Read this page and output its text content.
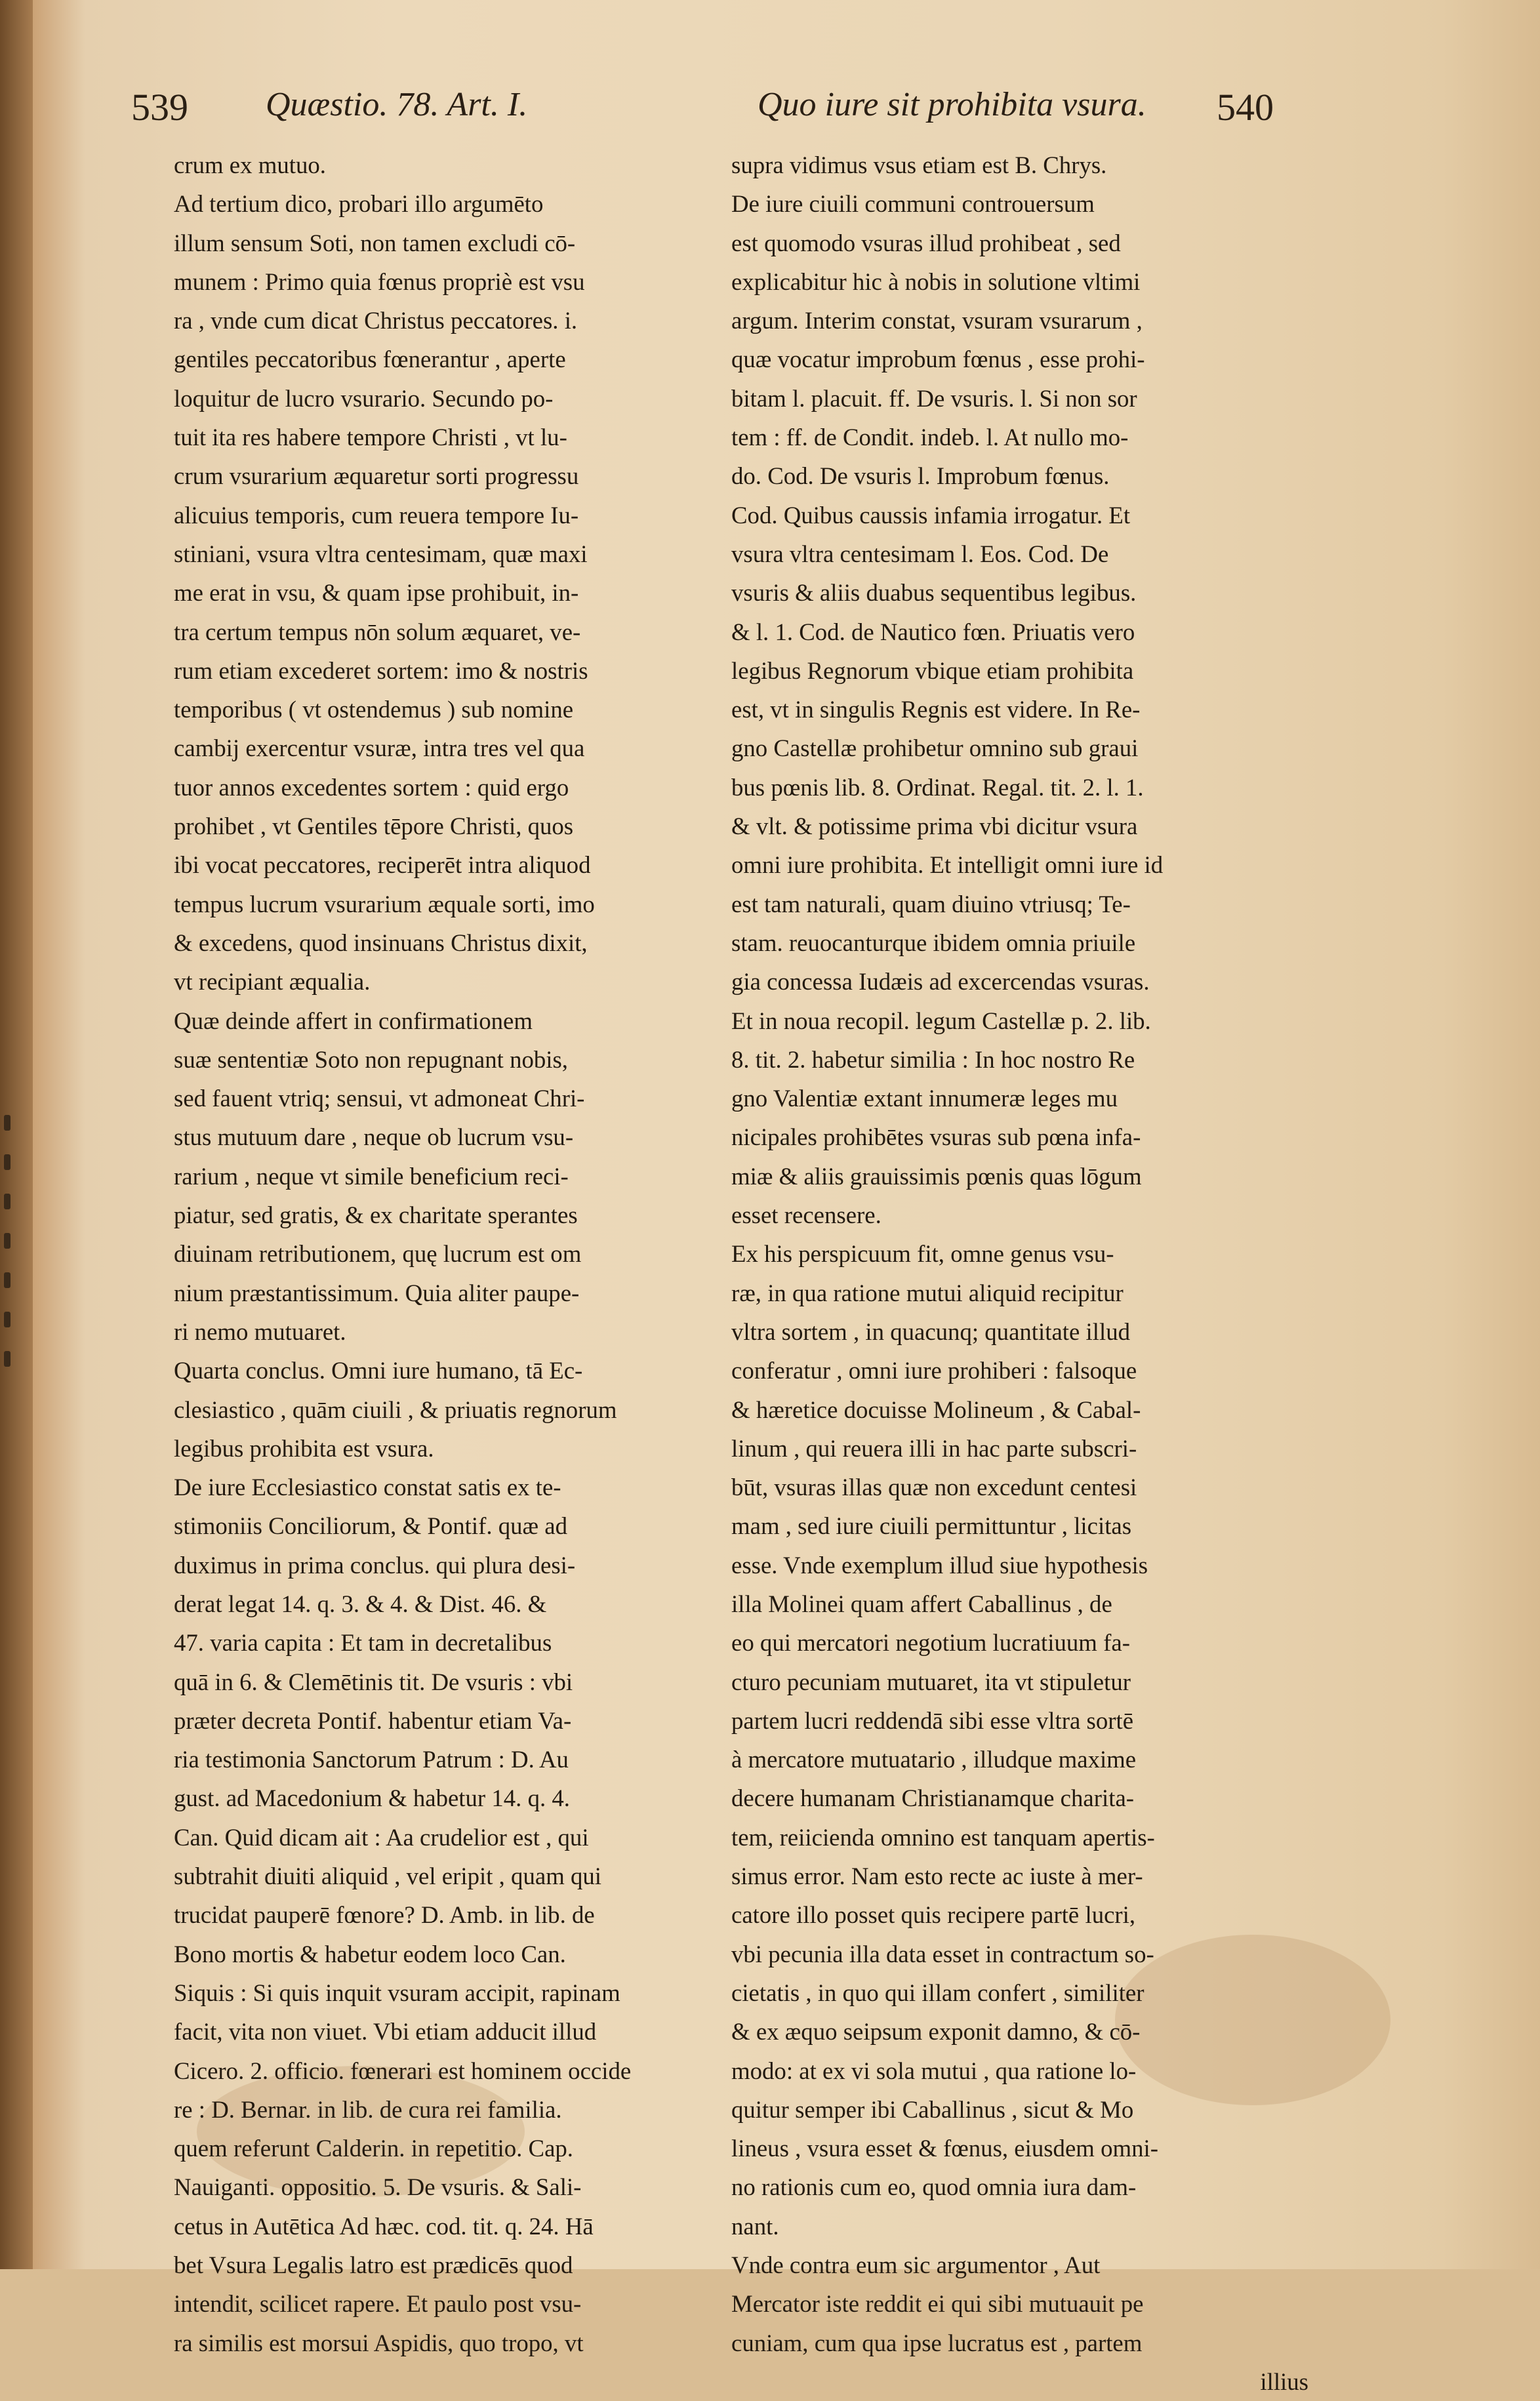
539 Quæstio. 78. Art. I.	Quo iure sit prohibita vsura. 540
crum ex mutuo.
Ad tertium dico, probari illo argumēto
illum sensum Soti, non tamen excludi cō-
munem : Primo quia fœnus propriè est vsu
ra , vnde cum dicat Christus peccatores. i.
gentiles peccatoribus fœnerantur , aperte
loquitur de lucro vsurario. Secundo po-
tuit ita res habere tempore Christi , vt lu-
crum vsurarium æquaretur sorti progressu
alicuius temporis, cum reuera tempore Iu-
stiniani, vsura vltra centesimam, quæ maxi
me erat in vsu, & quam ipse prohibuit, in-
tra certum tempus nōn solum æquaret, ve-
rum etiam excederet sortem: imo & nostris
temporibus ( vt ostendemus ) sub nomine
cambij exercentur vsuræ, intra tres vel qua
tuor annos excedentes sortem : quid ergo
prohibet , vt Gentiles tēpore Christi, quos
ibi vocat peccatores, reciperēt intra aliquod
tempus lucrum vsurarium æquale sorti, imo
& excedens, quod insinuans Christus dixit,
vt recipiant æqualia.
Quæ deinde affert in confirmationem
suæ sententiæ Soto non repugnant nobis,
sed fauent vtriq; sensui, vt admoneat Chri-
stus mutuum dare , neque ob lucrum vsu-
rarium , neque vt simile beneficium reci-
piatur, sed gratis, & ex charitate sperantes
diuinam retributionem, quę lucrum est om
nium præstantissimum. Quia aliter paupe-
ri nemo mutuaret.
Quarta conclus. Omni iure humano, tā Ec-
clesiastico , quām ciuili , & priuatis regnorum
legibus prohibita est vsura.
De iure Ecclesiastico constat satis ex te-
stimoniis Conciliorum, & Pontif. quæ ad
duximus in prima conclus. qui plura desi-
derat legat 14. q. 3. & 4. & Dist. 46. &
47. varia capita : Et tam in decretalibus
quā in 6. & Clemētinis tit. De vsuris : vbi
præter decreta Pontif. habentur etiam Va-
ria testimonia Sanctorum Patrum : D. Au
gust. ad Macedonium & habetur 14. q. 4.
Can. Quid dicam ait : Aa crudelior est , qui
subtrahit diuiti aliquid , vel eripit , quam qui
trucidat pauperē fœnore? D. Amb. in lib. de
Bono mortis & habetur eodem loco Can.
Siquis : Si quis inquit vsuram accipit, rapinam
facit, vita non viuet. Vbi etiam adducit illud
Cicero. 2. officio. fœnerari est hominem occide
re : D. Bernar. in lib. de cura rei familia.
quem referunt Calderin. in repetitio. Cap.
Nauiganti. oppositio. 5. De vsuris. & Sali-
cetus in Autētica Ad hæc. cod. tit. q. 24. Hā
bet Vsura Legalis latro est prædicēs quod
intendit, scilicet rapere. Et paulo post vsu-
ra similis est morsui Aspidis, quo tropo, vt
supra vidimus vsus etiam est B. Chrys.
De iure ciuili communi controuersum
est quomodo vsuras illud prohibeat , sed
explicabitur hic à nobis in solutione vltimi
argum. Interim constat, vsuram vsurarum ,
quæ vocatur improbum fœnus , esse prohi-
bitam l. placuit. ff. De vsuris. l. Si non sor
tem : ff. de Condit. indeb. l. At nullo mo-
do. Cod. De vsuris l. Improbum fœnus.
Cod. Quibus caussis infamia irrogatur. Et
vsura vltra centesimam l. Eos. Cod. De
vsuris & aliis duabus sequentibus legibus.
& l. 1. Cod. de Nautico fœn. Priuatis vero
legibus Regnorum vbique etiam prohibita
est, vt in singulis Regnis est videre. In Re-
gno Castellæ prohibetur omnino sub graui
bus pœnis lib. 8. Ordinat. Regal. tit. 2. l. 1.
& vlt. & potissime prima vbi dicitur vsura
omni iure prohibita. Et intelligit omni iure id
est tam naturali, quam diuino vtriusq; Te-
stam. reuocanturque ibidem omnia priuile
gia concessa Iudæis ad excercendas vsuras.
Et in noua recopil. legum Castellæ p. 2. lib.
8. tit. 2. habetur similia : In hoc nostro Re
gno Valentiæ extant innumeræ leges mu
nicipales prohibētes vsuras sub pœna infa-
miæ & aliis grauissimis pœnis quas lōgum
esset recensere.
Ex his perspicuum fit, omne genus vsu-
ræ, in qua ratione mutui aliquid recipitur
vltra sortem , in quacunq; quantitate illud
conferatur , omni iure prohiberi : falsoque
& hæretice docuisse Molineum , & Cabal-
linum , qui reuera illi in hac parte subscri-
būt, vsuras illas quæ non excedunt centesi
mam , sed iure ciuili permittuntur , licitas
esse. Vnde exemplum illud siue hypothesis
illa Molinei quam affert Caballinus , de
eo qui mercatori negotium lucratiuum fa-
cturo pecuniam mutuaret, ita vt stipuletur
partem lucri reddendā sibi esse vltra sortē
à mercatore mutuatario , illudque maxime
decere humanam Christianamque charita-
tem, reiicienda omnino est tanquam apertis-
simus error. Nam esto recte ac iuste à mer-
catore illo posset quis recipere partē lucri,
vbi pecunia illa data esset in contractum so-
cietatis , in quo qui illam confert , similiter
& ex æquo seipsum exponit damno, & cō-
modo: at ex vi sola mutui , qua ratione lo-
quitur semper ibi Caballinus , sicut & Mo
lineus , vsura esset & fœnus, eiusdem omni-
no rationis cum eo, quod omnia iura dam-
nant.
Vnde contra eum sic argumentor , Aut
Mercator iste reddit ei qui sibi mutuauit pe
cuniam, cum qua ipse lucratus est , partem
illius
